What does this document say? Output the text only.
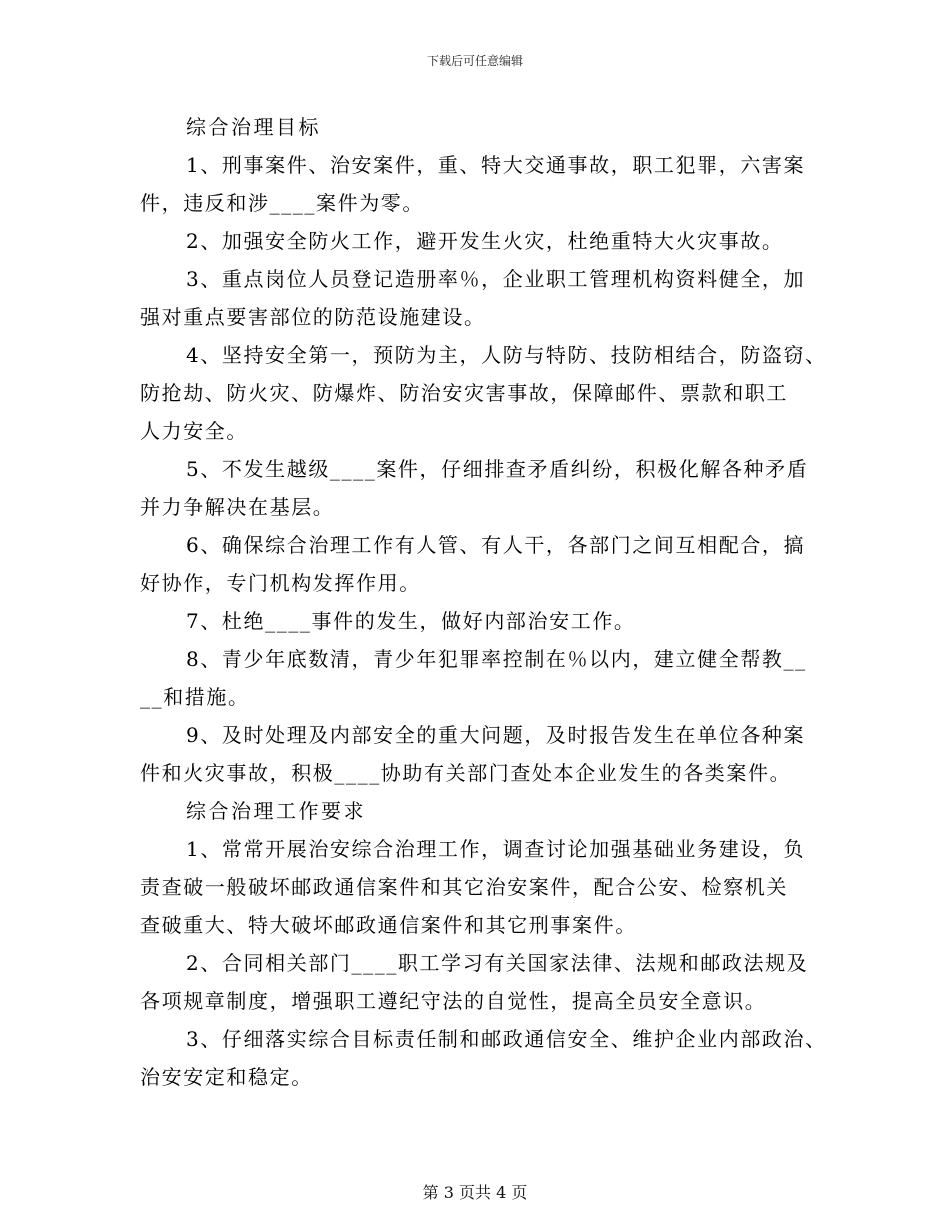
下载后可任意编辑
综合治理目标
1、刑事案件、治安案件，重、特大交通事故，职工犯罪，六害案
件，违反和涉____案件为零。
2、加强安全防火工作，避开发生火灾，杜绝重特大火灾事故。
3、重点岗位人员登记造册率％，企业职工管理机构资料健全，加
强对重点要害部位的防范设施建设。
4、坚持安全第一，预防为主，人防与特防、技防相结合，防盗窃、
防抢劫、防火灾、防爆炸、防治安灾害事故，保障邮件、票款和职工
人力安全。
5、不发生越级____案件，仔细排查矛盾纠纷，积极化解各种矛盾
并力争解决在基层。
6、确保综合治理工作有人管、有人干，各部门之间互相配合，搞
好协作，专门机构发挥作用。
7、杜绝____事件的发生，做好内部治安工作。
8、青少年底数清，青少年犯罪率控制在％以内，建立健全帮教__
__和措施。
9、及时处理及内部安全的重大问题，及时报告发生在单位各种案
件和火灾事故，积极____协助有关部门查处本企业发生的各类案件。
综合治理工作要求
1、常常开展治安综合治理工作，调查讨论加强基础业务建设，负
责查破一般破坏邮政通信案件和其它治安案件，配合公安、检察机关
查破重大、特大破坏邮政通信案件和其它刑事案件。
2、合同相关部门____职工学习有关国家法律、法规和邮政法规及
各项规章制度，增强职工遵纪守法的自觉性，提高全员安全意识。
3、仔细落实综合目标责任制和邮政通信安全、维护企业内部政治、
治安安定和稳定。
第 3 页共 4 页
